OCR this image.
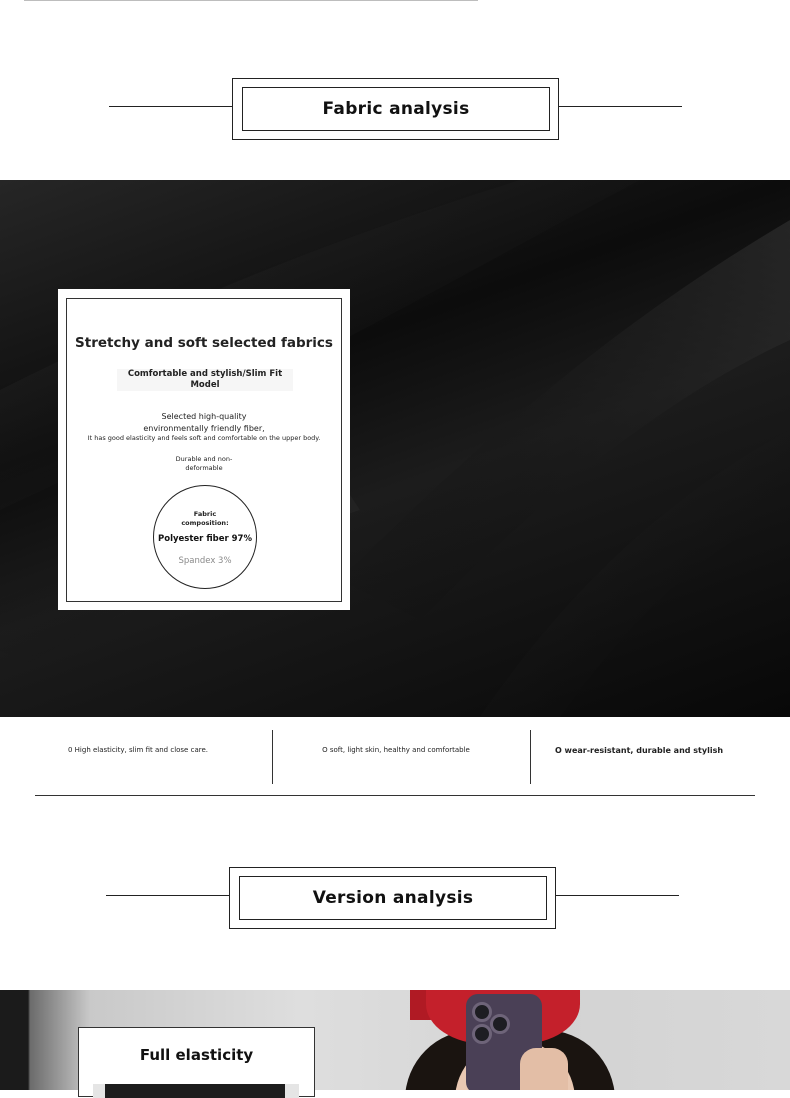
Fabric analysis
Stretchy and soft selected fabrics
Comfortable and stylish/Slim Fit Model
Selected high-quality
environmentally friendly fiber,
It has good elasticity and feels soft and comfortable on the upper body.
Durable and non-deformable
Fabric composition:
Polyester fiber 97%
Spandex 3%
0 High elasticity, slim fit and close care.	O soft, light skin, healthy and comfortable	O wear-resistant, durable and stylish
Version analysis
Full elasticity
